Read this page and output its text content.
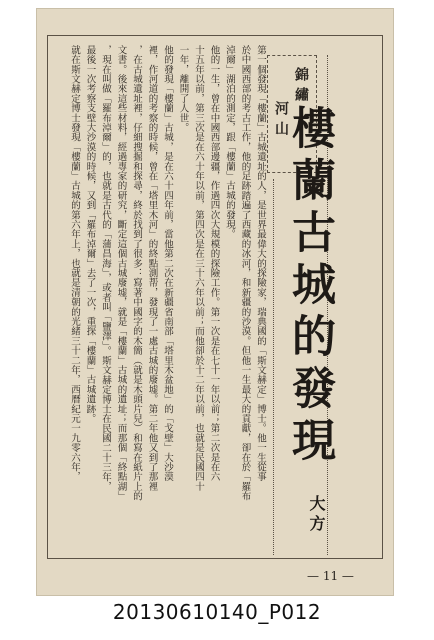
錦繡
河山
樓蘭古城的發現
大方
第一個發現「樓蘭」古城遺址的人，是世界最偉大的探險家，瑞典國的「斯文赫定」博士。他一生從事
於中國西部的考古工作，他的足跡踏遍了西藏的冰河，和新疆的沙漠。但他一生最大的貢獻，卻在於「羅布
淖爾」湖泊的測定，跟「樓蘭」古城的發現。
他的一生，曾在中國西部邊疆，作過四次大規模的探險工作。第一次是在七十一年以前；第二次是在六
十五年以前，第三次是在六十年以前，第四次是在三十六年以前；而他卻於十二年以前，也就是民國四十
一年，離開了人世。
他的發現「樓蘭」古城，是在六十四年前，當他第二次在新疆省南部「塔里木盆地」的「戈壁」大沙漠
裡，作河道的考察的時候，曾在「塔里木河」的終點測帮，發現了一處古城的廢墟。第二年他又到了那裡
，在古城遺址裡，仔細搜掘和探尋，終於找到了很多：寫著中國字的木簡（就是木頭片兒）和寫在紙片上的
文書。後來這些材料，經過專家的研究，斷定這個古城廢墟，就是「樓蘭」古城的遺址；而那個「終點湖」
，現在叫做「羅布淖爾」的，也就是古代的「蒲昌海」，或者叫「鹽澤」。斯文赫定博士在民國二十三年，
最後一次考察支壁大沙漠的時候，又到「羅布淖爾」去了一次，重探「樓蘭」古城遺跡。
就在斯文赫定博士發現「樓蘭」古城的第六年上，也就是清朝的光緒三十二年，西曆紀元一九零六年，
— 11 —
20130610140_P012
